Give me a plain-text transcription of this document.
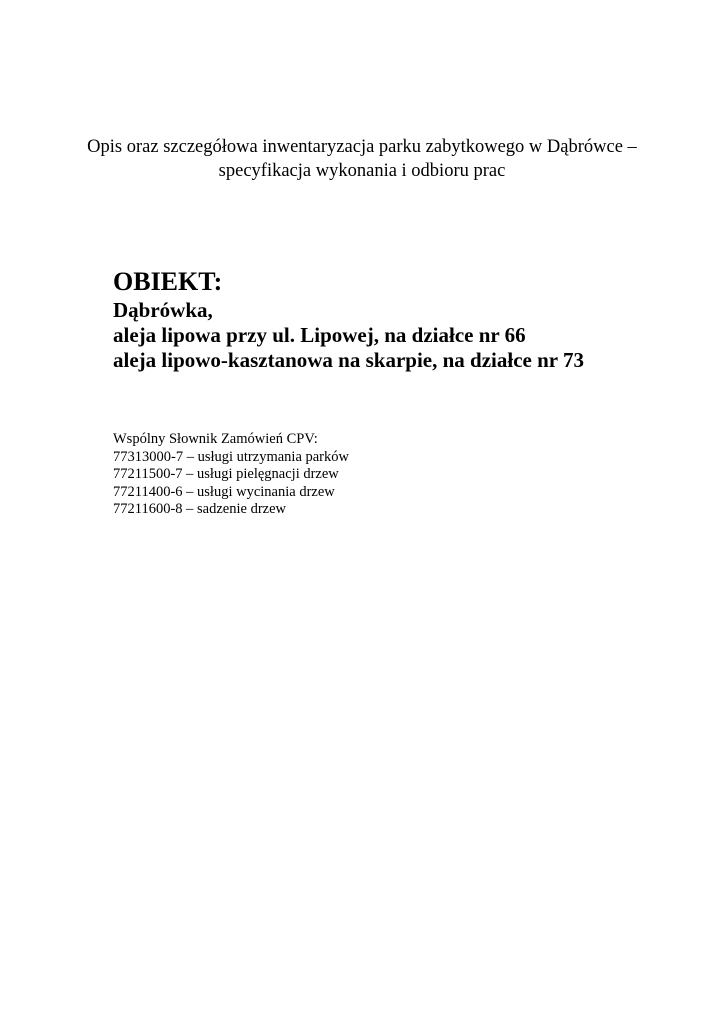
Opis oraz szczegółowa inwentaryzacja parku zabytkowego w Dąbrówce –
specyfikacja wykonania i odbioru prac
OBIEKT:
Dąbrówka,
aleja lipowa przy ul. Lipowej, na działce nr 66
aleja lipowo-kasztanowa na skarpie, na działce nr 73
Wspólny Słownik Zamówień CPV:
77313000-7 – usługi utrzymania parków
77211500-7 – usługi pielęgnacji drzew
77211400-6 – usługi wycinania drzew
77211600-8 – sadzenie drzew
